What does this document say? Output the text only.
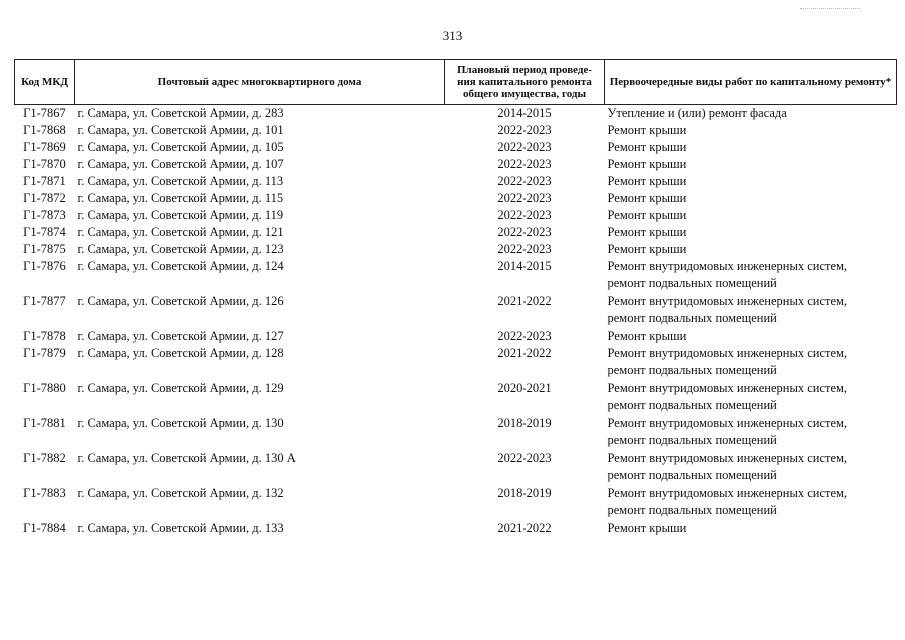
313
Код МКД	Почтовый адрес многоквартирного дома	Плановый период проведе- ния капитального ремонта общего имущества, годы	Первоочередные виды работ по капитальному ремонту*
Г1-7867	г. Самара, ул. Советской Армии, д. 283	2014-2015	Утепление и (или) ремонт фасада

Г1-7868	г. Самара, ул. Советской Армии, д. 101	2022-2023	Ремонт крыши

Г1-7869	г. Самара, ул. Советской Армии, д. 105	2022-2023	Ремонт крыши

Г1-7870	г. Самара, ул. Советской Армии, д. 107	2022-2023	Ремонт крыши

Г1-7871	г. Самара, ул. Советской Армии, д. 113	2022-2023	Ремонт крыши

Г1-7872	г. Самара, ул. Советской Армии, д. 115	2022-2023	Ремонт крыши

Г1-7873	г. Самара, ул. Советской Армии, д. 119	2022-2023	Ремонт крыши

Г1-7874	г. Самара, ул. Советской Армии, д. 121	2022-2023	Ремонт крыши

Г1-7875	г. Самара, ул. Советской Армии, д. 123	2022-2023	Ремонт крыши

Г1-7876	г. Самара, ул. Советской Армии, д. 124	2014-2015	Ремонт внутридомовых инженерных систем,
ремонт подвальных помещений

Г1-7877	г. Самара, ул. Советской Армии, д. 126	2021-2022	Ремонт внутридомовых инженерных систем,
ремонт подвальных помещений

Г1-7878	г. Самара, ул. Советской Армии, д. 127	2022-2023	Ремонт крыши

Г1-7879	г. Самара, ул. Советской Армии, д. 128	2021-2022	Ремонт внутридомовых инженерных систем,
ремонт подвальных помещений

Г1-7880	г. Самара, ул. Советской Армии, д. 129	2020-2021	Ремонт внутридомовых инженерных систем,
ремонт подвальных помещений

Г1-7881	г. Самара, ул. Советской Армии, д. 130	2018-2019	Ремонт внутридомовых инженерных систем,
ремонт подвальных помещений

Г1-7882	г. Самара, ул. Советской Армии, д. 130 А	2022-2023	Ремонт внутридомовых инженерных систем,
ремонт подвальных помещений

Г1-7883	г. Самара, ул. Советской Армии, д. 132	2018-2019	Ремонт внутридомовых инженерных систем,
ремонт подвальных помещений

Г1-7884	г. Самара, ул. Советской Армии, д. 133	2021-2022	Ремонт крыши
